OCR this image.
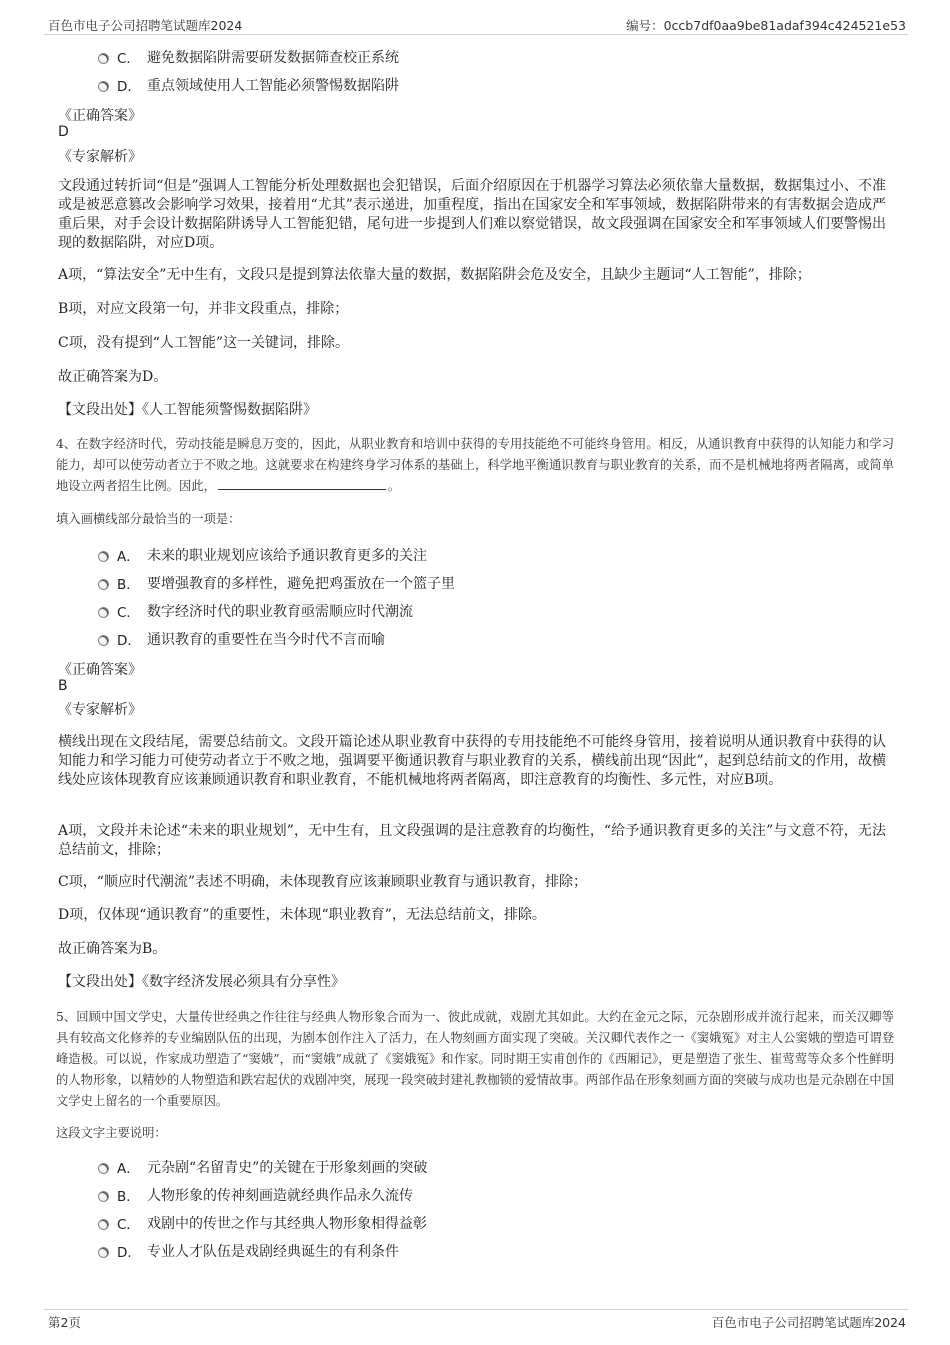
百色市电子公司招聘笔试题库2024	编号：0ccb7df0aa9be81adaf394c424521e53
C． 避免数据陷阱需要研发数据筛查校正系统
D． 重点领域使用人工智能必须警惕数据陷阱
《正确答案》
D
《专家解析》
文段通过转折词“但是”强调人工智能分析处理数据也会犯错误，后面介绍原因在于机器学习算法必须依靠大量数据，数据集过小、不准或是被恶意篡改会影响学习效果，接着用“尤其”表示递进，加重程度，指出在国家安全和军事领域，数据陷阱带来的有害数据会造成严重后果，对手会设计数据陷阱诱导人工智能犯错，尾句进一步提到人们难以察觉错误，故文段强调在国家安全和军事领域人们要警惕出现的数据陷阱，对应D项。
A项，“算法安全”无中生有，文段只是提到算法依靠大量的数据，数据陷阱会危及安全，且缺少主题词“人工智能”，排除；
B项，对应文段第一句，并非文段重点，排除；
C项，没有提到“人工智能”这一关键词，排除。
故正确答案为D。
【文段出处】《人工智能须警惕数据陷阱》
4、在数字经济时代，劳动技能是瞬息万变的，因此，从职业教育和培训中获得的专用技能绝不可能终身管用。相反，从通识教育中获得的认知能力和学习能力，却可以使劳动者立于不败之地。这就要求在构建终身学习体系的基础上，科学地平衡通识教育与职业教育的关系，而不是机械地将两者隔离，或简单地设立两者招生比例。因此，	。
填入画横线部分最恰当的一项是：
A． 未来的职业规划应该给予通识教育更多的关注
B． 要增强教育的多样性，避免把鸡蛋放在一个篮子里
C． 数字经济时代的职业教育亟需顺应时代潮流
D． 通识教育的重要性在当今时代不言而喻
《正确答案》
B
《专家解析》
横线出现在文段结尾，需要总结前文。文段开篇论述从职业教育中获得的专用技能绝不可能终身管用，接着说明从通识教育中获得的认知能力和学习能力可使劳动者立于不败之地，强调要平衡通识教育与职业教育的关系，横线前出现“因此”，起到总结前文的作用，故横线处应该体现教育应该兼顾通识教育和职业教育，不能机械地将两者隔离，即注意教育的均衡性、多元性，对应B项。
A项，文段并未论述“未来的职业规划”，无中生有，且文段强调的是注意教育的均衡性，“给予通识教育更多的关注”与文意不符，无法总结前文，排除；
C项，“顺应时代潮流”表述不明确，未体现教育应该兼顾职业教育与通识教育，排除；
D项，仅体现“通识教育”的重要性，未体现“职业教育”，无法总结前文，排除。
故正确答案为B。
【文段出处】《数字经济发展必须具有分享性》
5、回顾中国文学史，大量传世经典之作往往与经典人物形象合而为一、彼此成就，戏剧尤其如此。大约在金元之际，元杂剧形成并流行起来，而关汉卿等具有较高文化修养的专业编剧队伍的出现，为剧本创作注入了活力，在人物刻画方面实现了突破。关汉卿代表作之一《窦娥冤》对主人公窦娥的塑造可谓登峰造极。可以说，作家成功塑造了“窦娥”，而“窦娥”成就了《窦娥冤》和作家。同时期王实甫创作的《西厢记》，更是塑造了张生、崔莺莺等众多个性鲜明的人物形象，以精妙的人物塑造和跌宕起伏的戏剧冲突，展现一段突破封建礼教枷锁的爱情故事。两部作品在形象刻画方面的突破与成功也是元杂剧在中国文学史上留名的一个重要原因。
这段文字主要说明：
A． 元杂剧“名留青史”的关键在于形象刻画的突破
B． 人物形象的传神刻画造就经典作品永久流传
C． 戏剧中的传世之作与其经典人物形象相得益彰
D． 专业人才队伍是戏剧经典诞生的有利条件
第2页	百色市电子公司招聘笔试题库2024
